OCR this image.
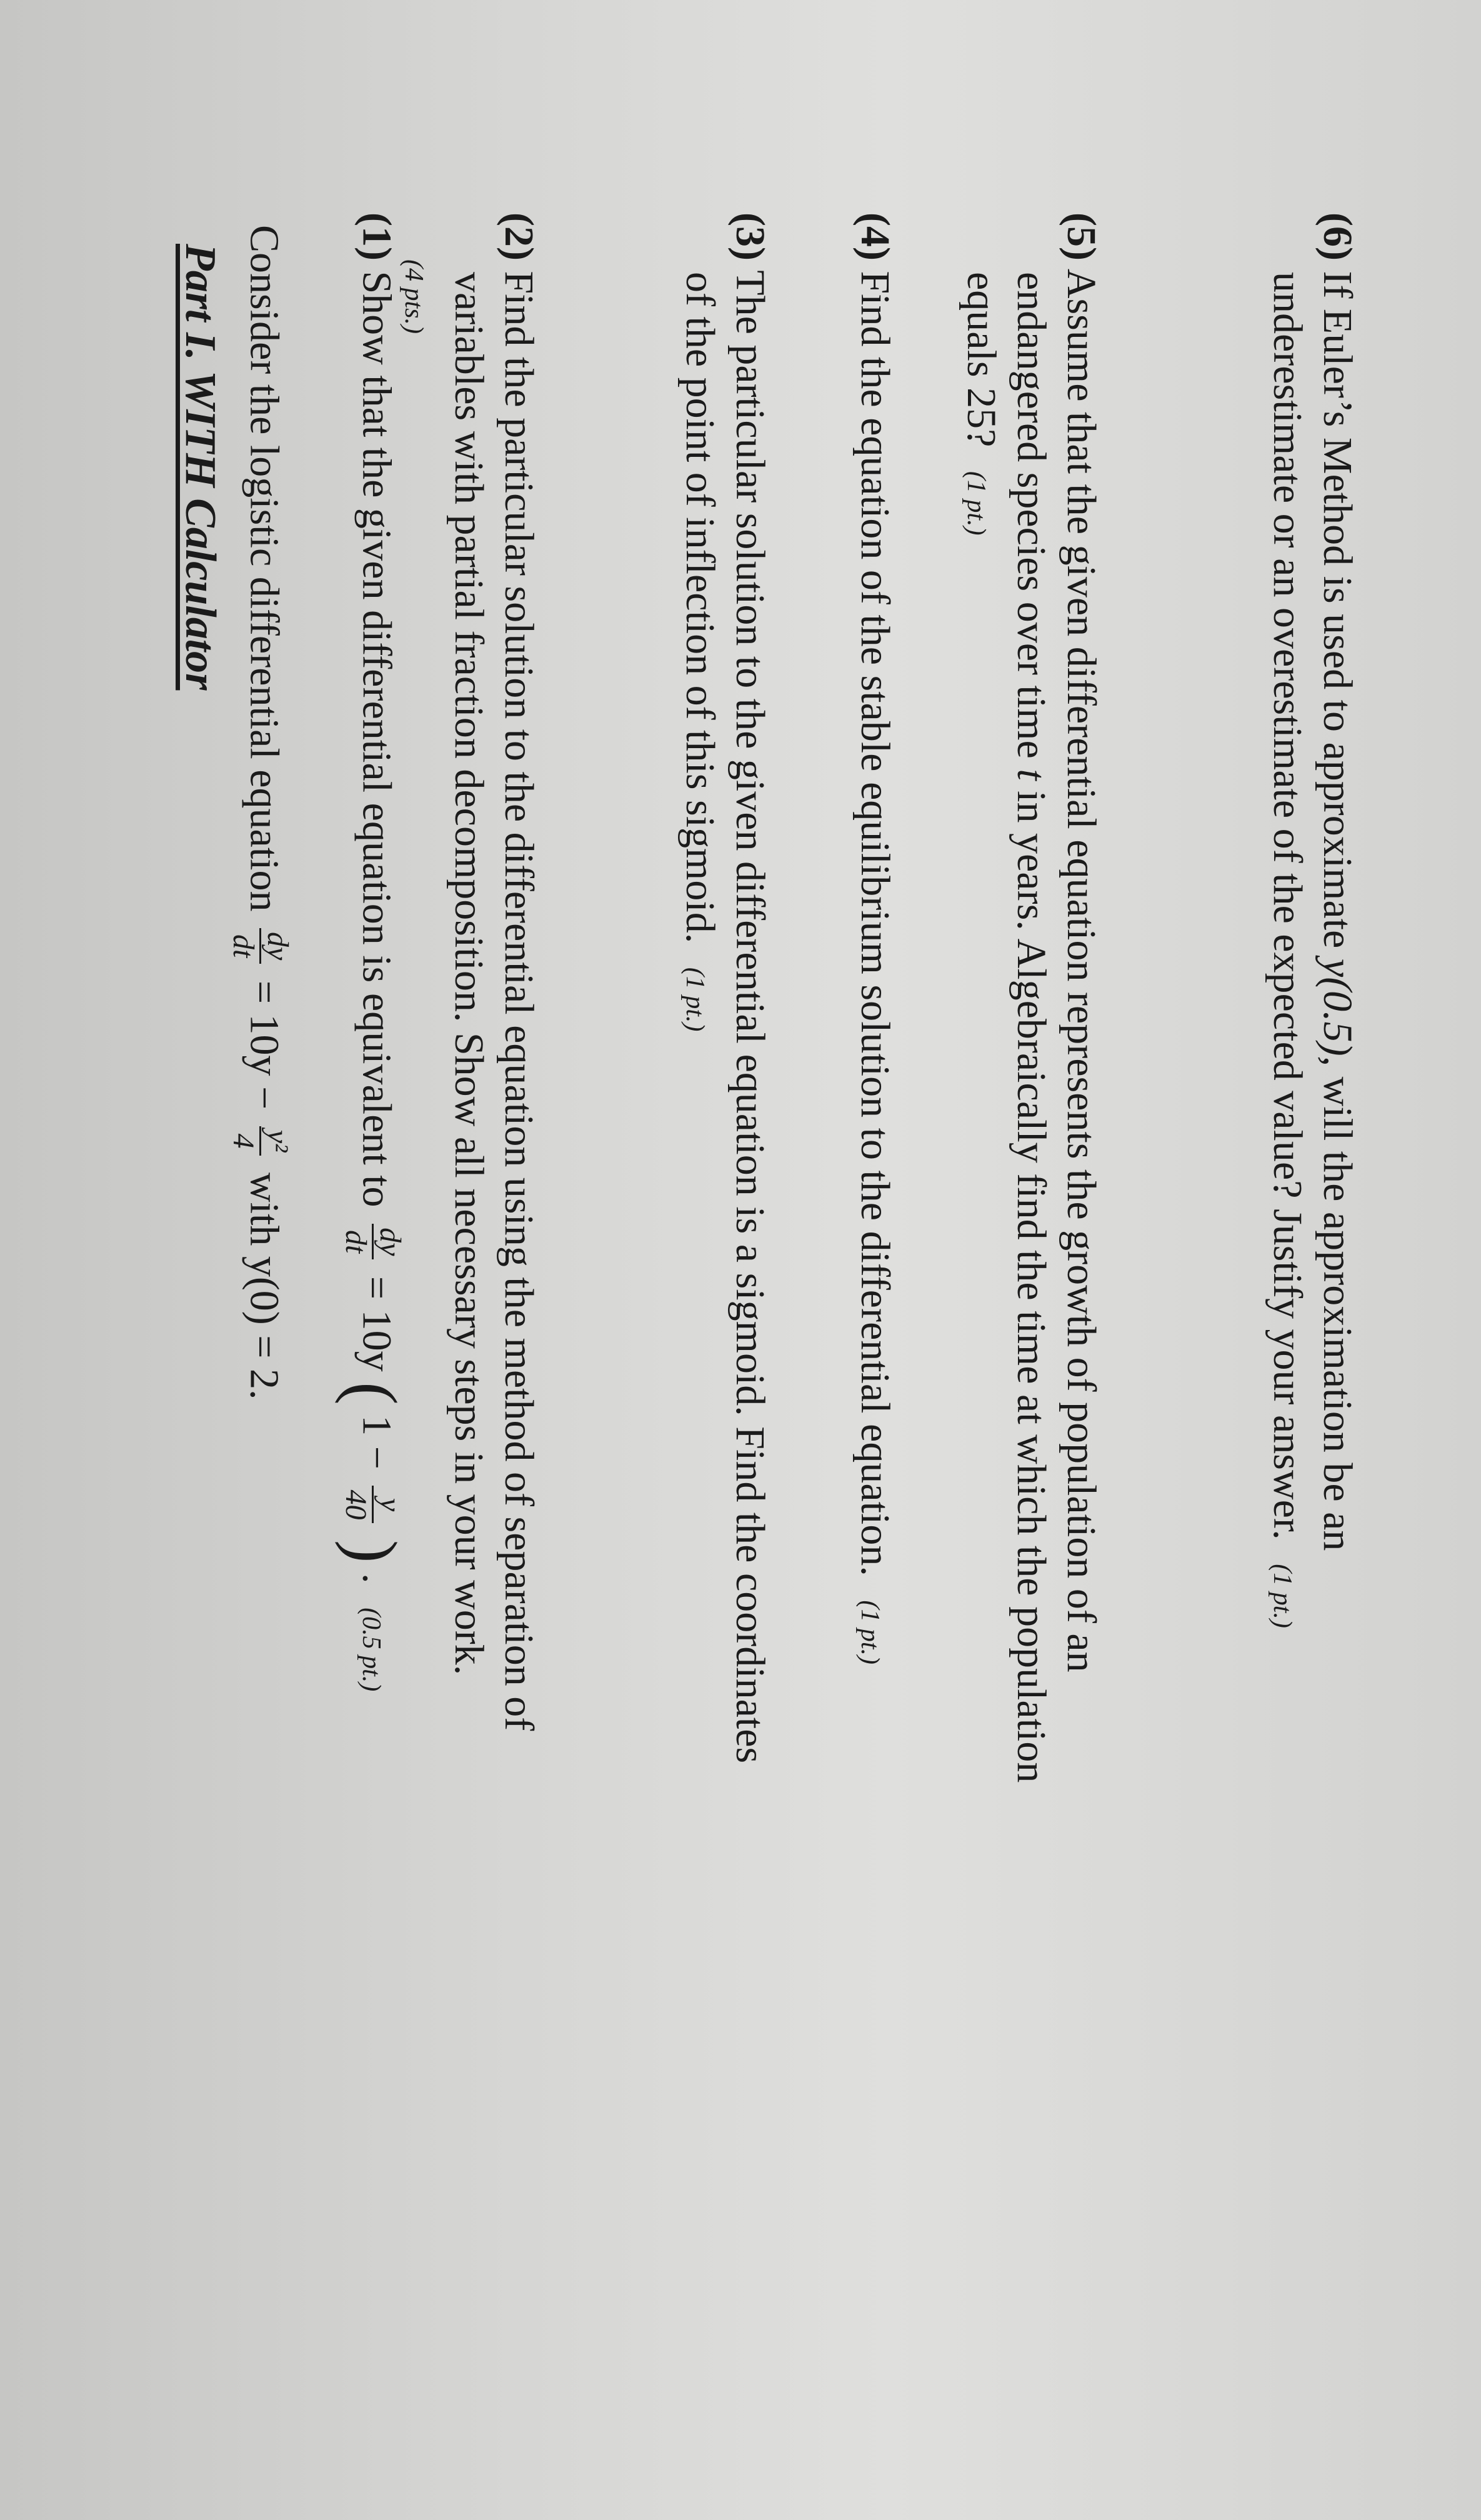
Part I. WITH Calculator Consider the logistic differential equation
dy
dt
= 10y −
y²
4
with y(0) = 2.
(1) Show that the given differential equation is equivalent to
dy
dt
= 10y ( 1 −
y
40
) . (0.5 pt.)
(2) Find the particular solution to the differential equation using the method of separation of
variables with partial fraction decomposition. Show all necessary steps in your work.
(4 pts.)
(3) The particular solution to the given differential equation is a sigmoid. Find the coordinates
of the point of inflection of this sigmoid. (1 pt.)
(4) Find the equation of the stable equilibrium solution to the differential equation. (1 pt.)
(5) Assume that the given differential equation represents the growth of population of an
endangered species over time t in years. Algebraically find the time at which the population
equals 25? (1 pt.)
(6) If Euler’s Method is used to approximate y(0.5), will the approximation be an
underestimate or an overestimate of the expected value? Justify your answer. (1 pt.)
